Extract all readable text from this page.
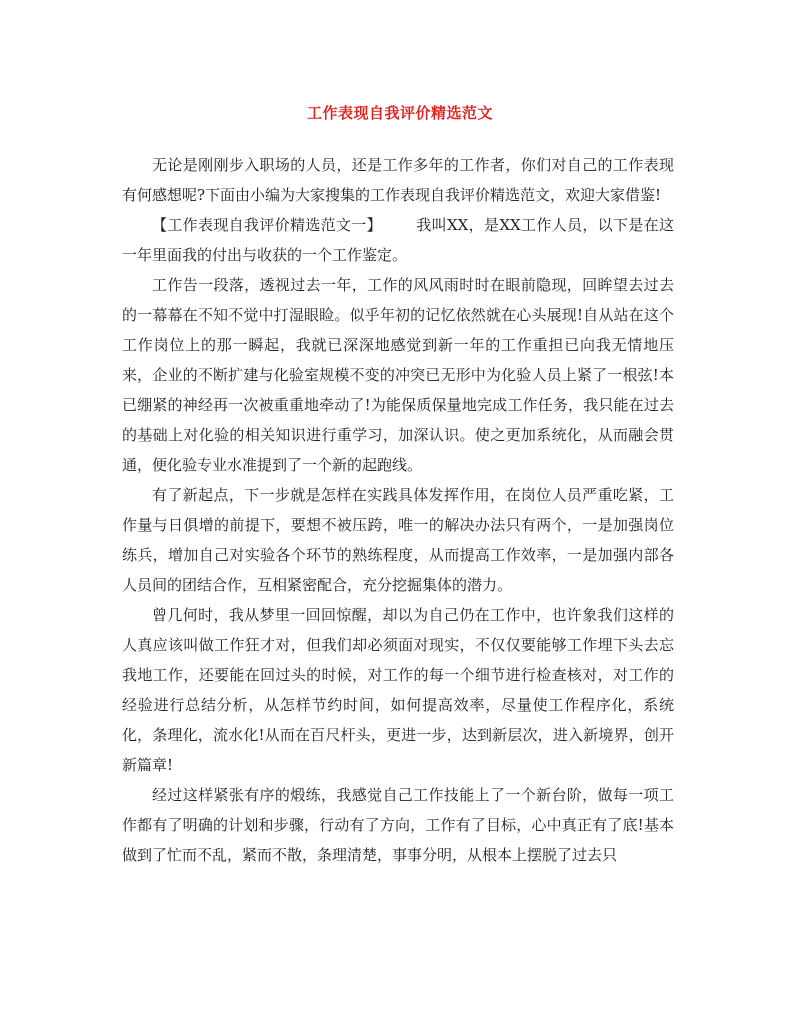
工作表现自我评价精选范文

无论是刚刚步入职场的人员，还是工作多年的工作者，你们对自己的工作表现有何感想呢?下面由小编为大家搜集的工作表现自我评价精选范文，欢迎大家借鉴!

【工作表现自我评价精选范文一】 我叫XX，是XX工作人员，以下是在这一年里面我的付出与收获的一个工作鉴定。

工作告一段落，透视过去一年，工作的风风雨时时在眼前隐现，回眸望去过去的一幕幕在不知不觉中打湿眼睑。似乎年初的记忆依然就在心头展现!自从站在这个工作岗位上的那一瞬起，我就已深深地感觉到新一年的工作重担已向我无情地压来，企业的不断扩建与化验室规模不变的冲突已无形中为化验人员上紧了一根弦!本已绷紧的神经再一次被重重地牵动了!为能保质保量地完成工作任务，我只能在过去的基础上对化验的相关知识进行重学习，加深认识。使之更加系统化，从而融会贯通，便化验专业水准提到了一个新的起跑线。

有了新起点，下一步就是怎样在实践具体发挥作用，在岗位人员严重吃紧，工作量与日俱增的前提下，要想不被压跨，唯一的解决办法只有两个，一是加强岗位练兵，增加自己对实验各个环节的熟练程度，从而提高工作效率，一是加强内部各人员间的团结合作，互相紧密配合，充分挖掘集体的潜力。

曾几何时，我从梦里一回回惊醒，却以为自己仍在工作中，也许象我们这样的人真应该叫做工作狂才对，但我们却必须面对现实，不仅仅要能够工作埋下头去忘我地工作，还要能在回过头的时候，对工作的每一个细节进行检查核对，对工作的经验进行总结分析，从怎样节约时间，如何提高效率，尽量使工作程序化，系统化，条理化，流水化!从而在百尺杆头，更进一步，达到新层次，进入新境界，创开新篇章!

经过这样紧张有序的煅练，我感觉自己工作技能上了一个新台阶，做每一项工作都有了明确的计划和步骤，行动有了方向，工作有了目标，心中真正有了底!基本做到了忙而不乱，紧而不散，条理清楚，事事分明，从根本上摆脱了过去只
